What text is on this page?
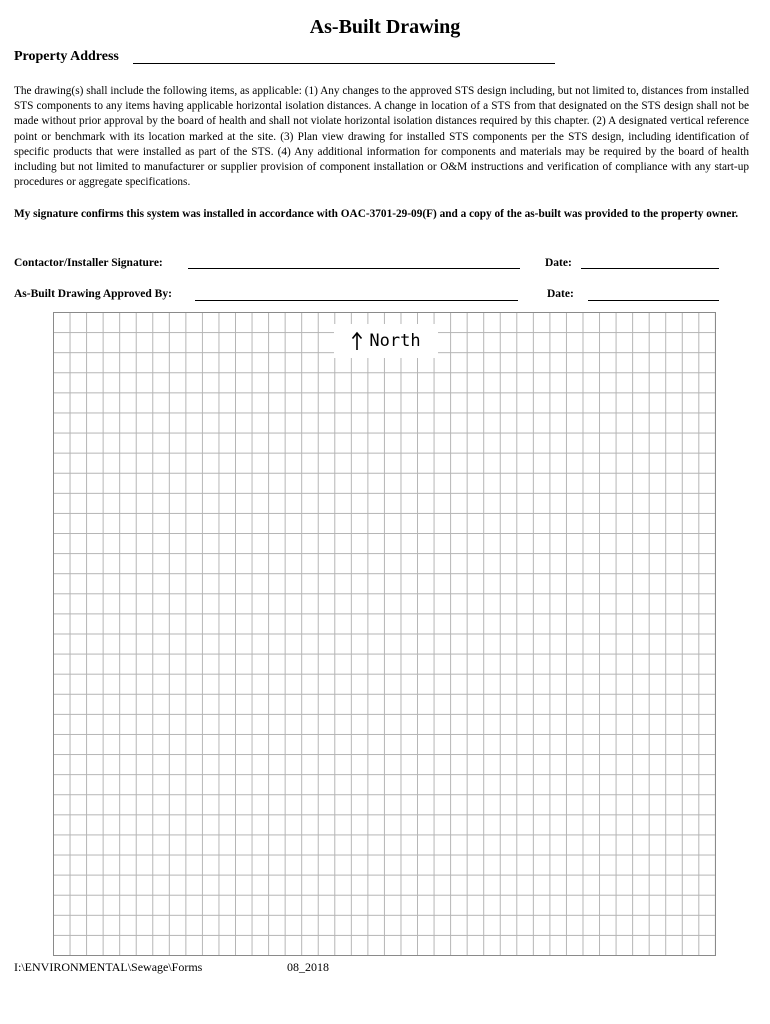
As-Built Drawing
Property Address
The drawing(s) shall include the following items, as applicable: (1) Any changes to the approved STS design including, but not limited to, distances from installed STS components to any items having applicable horizontal isolation distances. A change in location of a STS from that designated on the STS design shall not be made without prior approval by the board of health and shall not violate horizontal isolation distances required by this chapter. (2) A designated vertical reference point or benchmark with its location marked at the site. (3) Plan view drawing for installed STS components per the STS design, including identification of specific products that were installed as part of the STS. (4) Any additional information for components and materials may be required by the board of health including but not limited to manufacturer or supplier provision of component installation or O&M instructions and verification of compliance with any start-up procedures or aggregate specifications.
My signature confirms this system was installed in accordance with OAC-3701-29-09(F) and a copy of the as-built was provided to the property owner.
Contactor/Installer Signature:	Date:
As-Built Drawing Approved By:	Date:
North
I:\ENVIRONMENTAL\Sewage\Forms	08_2018
